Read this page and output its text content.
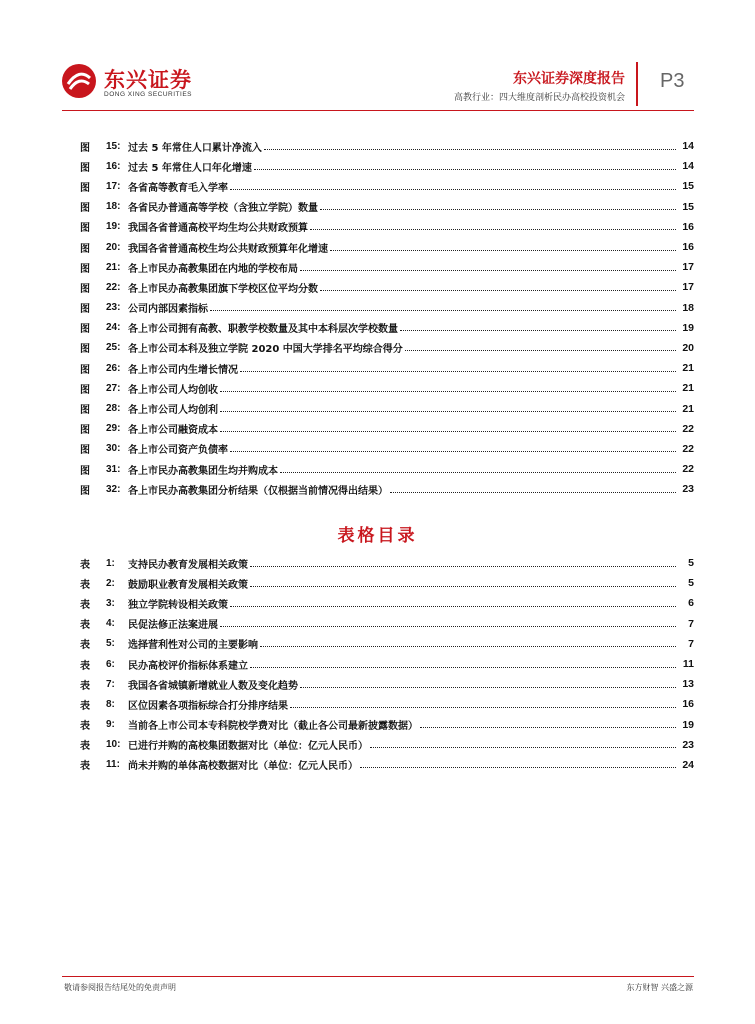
东兴证券
DONG XING SECURITIES
东兴证券深度报告
高教行业：四大维度剖析民办高校投资机会
P3
图	15: 过去 5 年常住人口累计净流入	14
图	16: 过去 5 年常住人口年化增速	14
图	17: 各省高等教育毛入学率	15
图	18: 各省民办普通高等学校（含独立学院）数量	15
图	19: 我国各省普通高校平均生均公共财政预算	16
图	20: 我国各省普通高校生均公共财政预算年化增速	16
图	21: 各上市民办高教集团在内地的学校布局	17
图	22: 各上市民办高教集团旗下学校区位平均分数	17
图	23: 公司内部因素指标	18
图	24: 各上市公司拥有高教、职教学校数量及其中本科层次学校数量	19
图	25: 各上市公司本科及独立学院 2020 中国大学排名平均综合得分	20
图	26: 各上市公司内生增长情况	21
图	27: 各上市公司人均创收	21
图	28: 各上市公司人均创利	21
图	29: 各上市公司融资成本	22
图	30: 各上市公司资产负债率	22
图	31: 各上市民办高教集团生均并购成本	22
图	32: 各上市民办高教集团分析结果（仅根据当前情况得出结果）	23
表格目录
表	1:	支持民办教育发展相关政策	5
表	2:	鼓励职业教育发展相关政策	5
表	3:	独立学院转设相关政策	6
表	4:	民促法修正法案进展	7
表	5:	选择营利性对公司的主要影响	7
表	6:	民办高校评价指标体系建立	11
表	7:	我国各省城镇新增就业人数及变化趋势	13
表	8:	区位因素各项指标综合打分排序结果	16
表	9:	当前各上市公司本专科院校学费对比（截止各公司最新披露数据）	19
表	10: 已进行并购的高校集团数据对比（单位：亿元人民币）	23
表	11: 尚未并购的单体高校数据对比（单位：亿元人民币）	24
敬请参阅报告结尾处的免责声明	东方财智 兴盛之源
